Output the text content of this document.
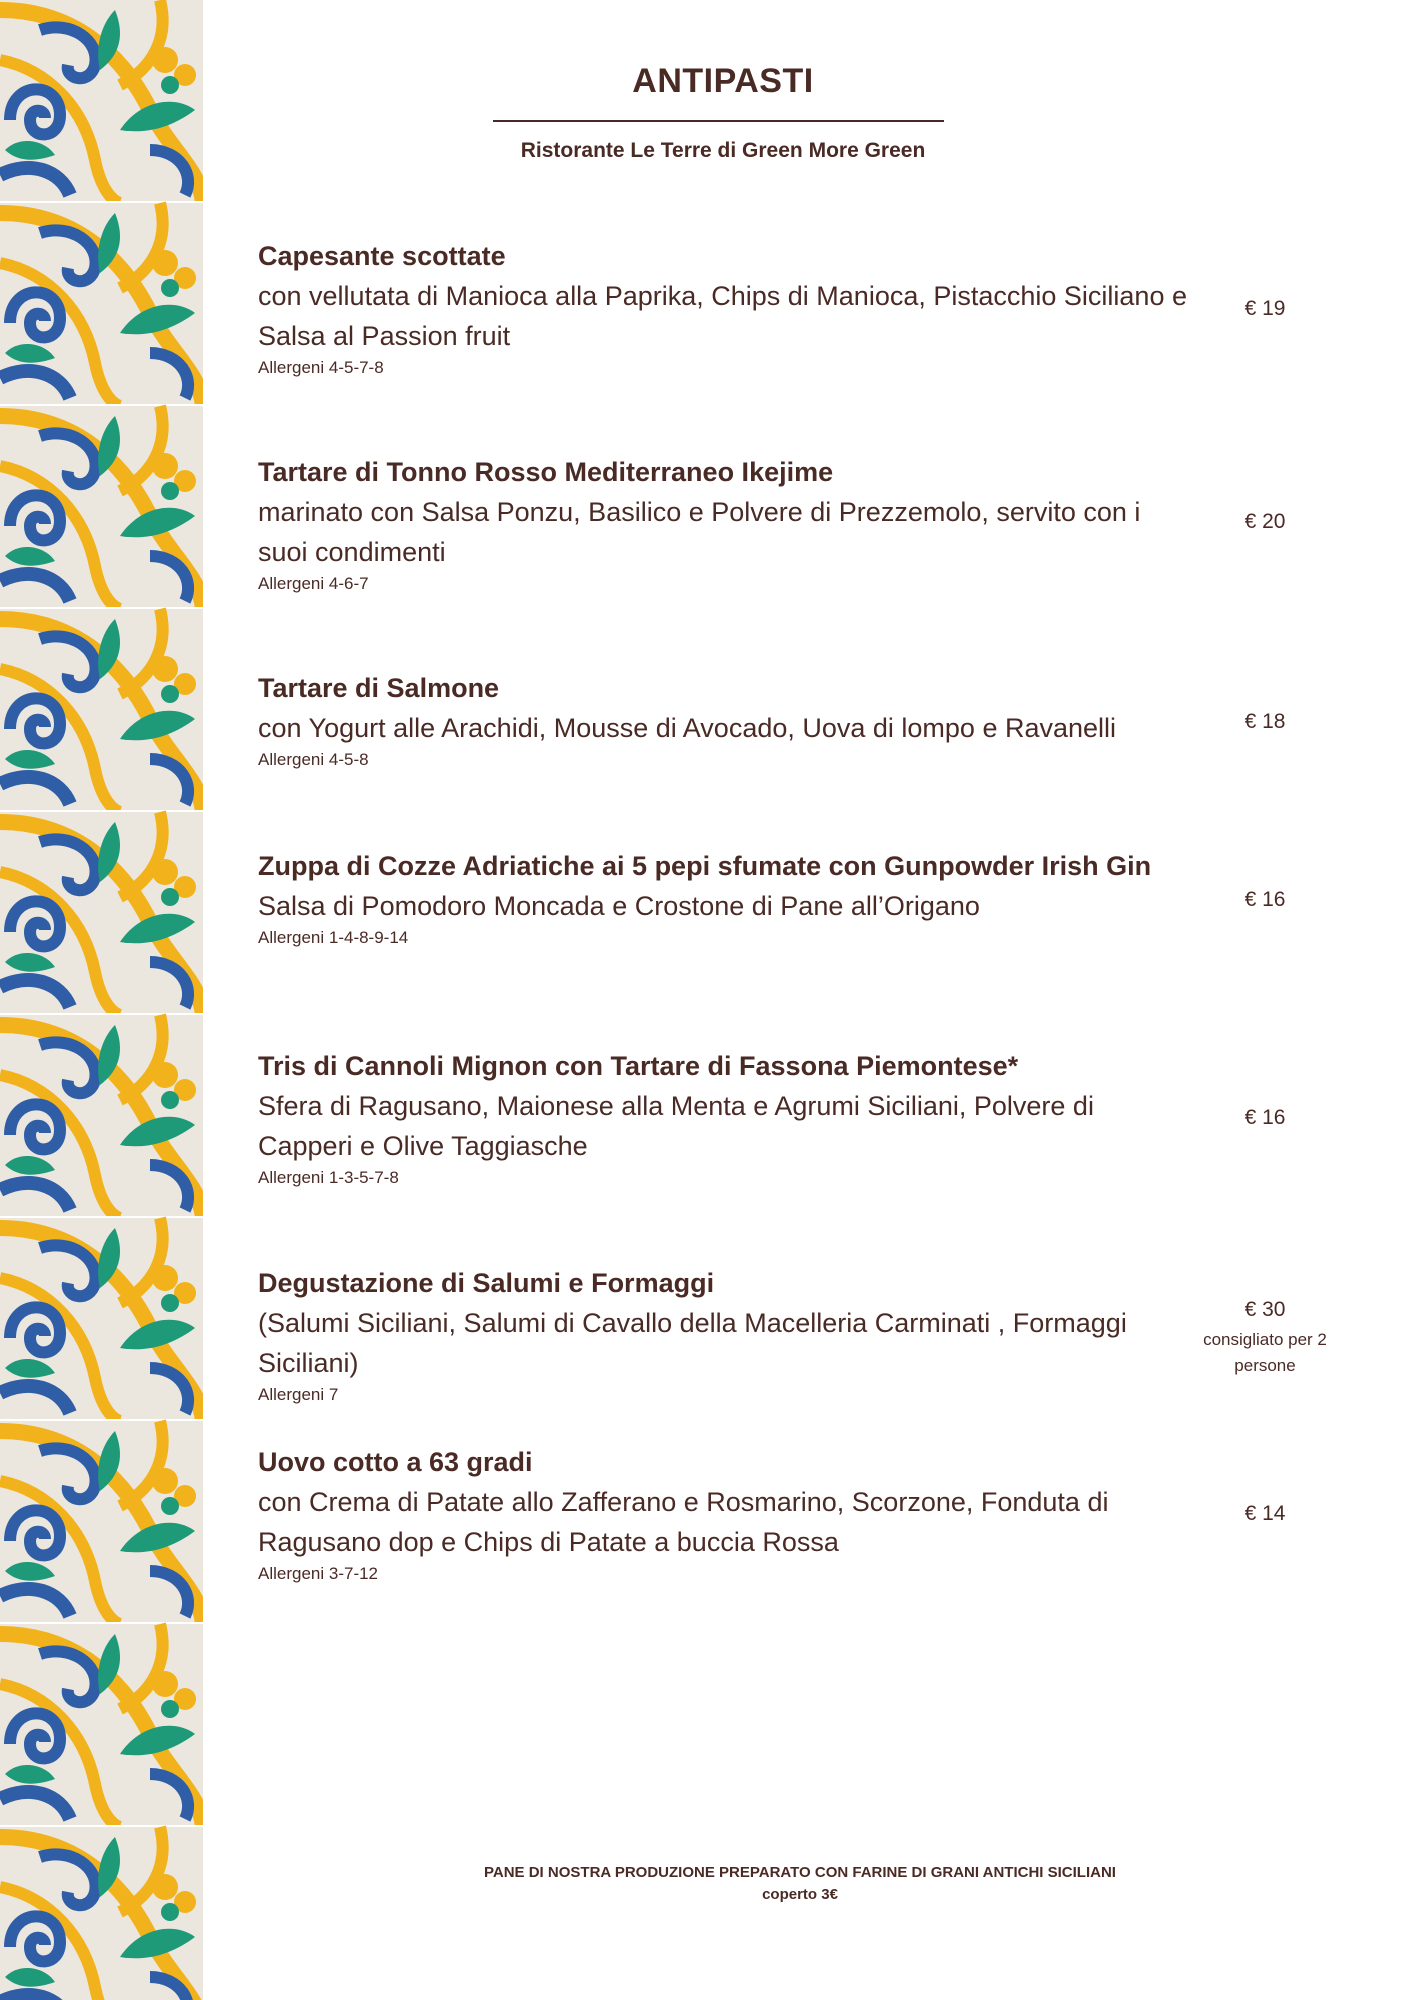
ANTIPASTI
Ristorante Le Terre di Green More Green
Capesante scottate
con vellutata di Manioca alla Paprika, Chips di Manioca, Pistacchio Siciliano e Salsa al Passion fruit
Allergeni 4-5-7-8
€ 19
Tartare di Tonno Rosso Mediterraneo Ikejime
marinato con Salsa Ponzu, Basilico e Polvere di Prezzemolo, servito con i suoi condimenti
Allergeni 4-6-7
€ 20
Tartare di Salmone
con Yogurt alle Arachidi, Mousse di Avocado, Uova di lompo e Ravanelli
Allergeni 4-5-8
€ 18
Zuppa di Cozze Adriatiche ai 5 pepi sfumate con Gunpowder Irish Gin
Salsa di Pomodoro Moncada e Crostone di Pane all’Origano
Allergeni 1-4-8-9-14
€ 16
Tris di Cannoli Mignon con Tartare di Fassona Piemontese*
Sfera di Ragusano, Maionese alla Menta e Agrumi Siciliani, Polvere di Capperi e Olive Taggiasche
Allergeni 1-3-5-7-8
€ 16
Degustazione di Salumi e Formaggi
(Salumi Siciliani, Salumi di Cavallo della Macelleria Carminati , Formaggi Siciliani)
Allergeni 7
€ 30
consigliato per 2 persone
Uovo cotto a 63 gradi
con Crema di Patate allo Zafferano e Rosmarino, Scorzone, Fonduta di Ragusano dop e Chips di Patate a buccia Rossa
Allergeni 3-7-12
€ 14
PANE DI NOSTRA PRODUZIONE PREPARATO CON FARINE DI GRANI ANTICHI SICILIANI
coperto 3€
